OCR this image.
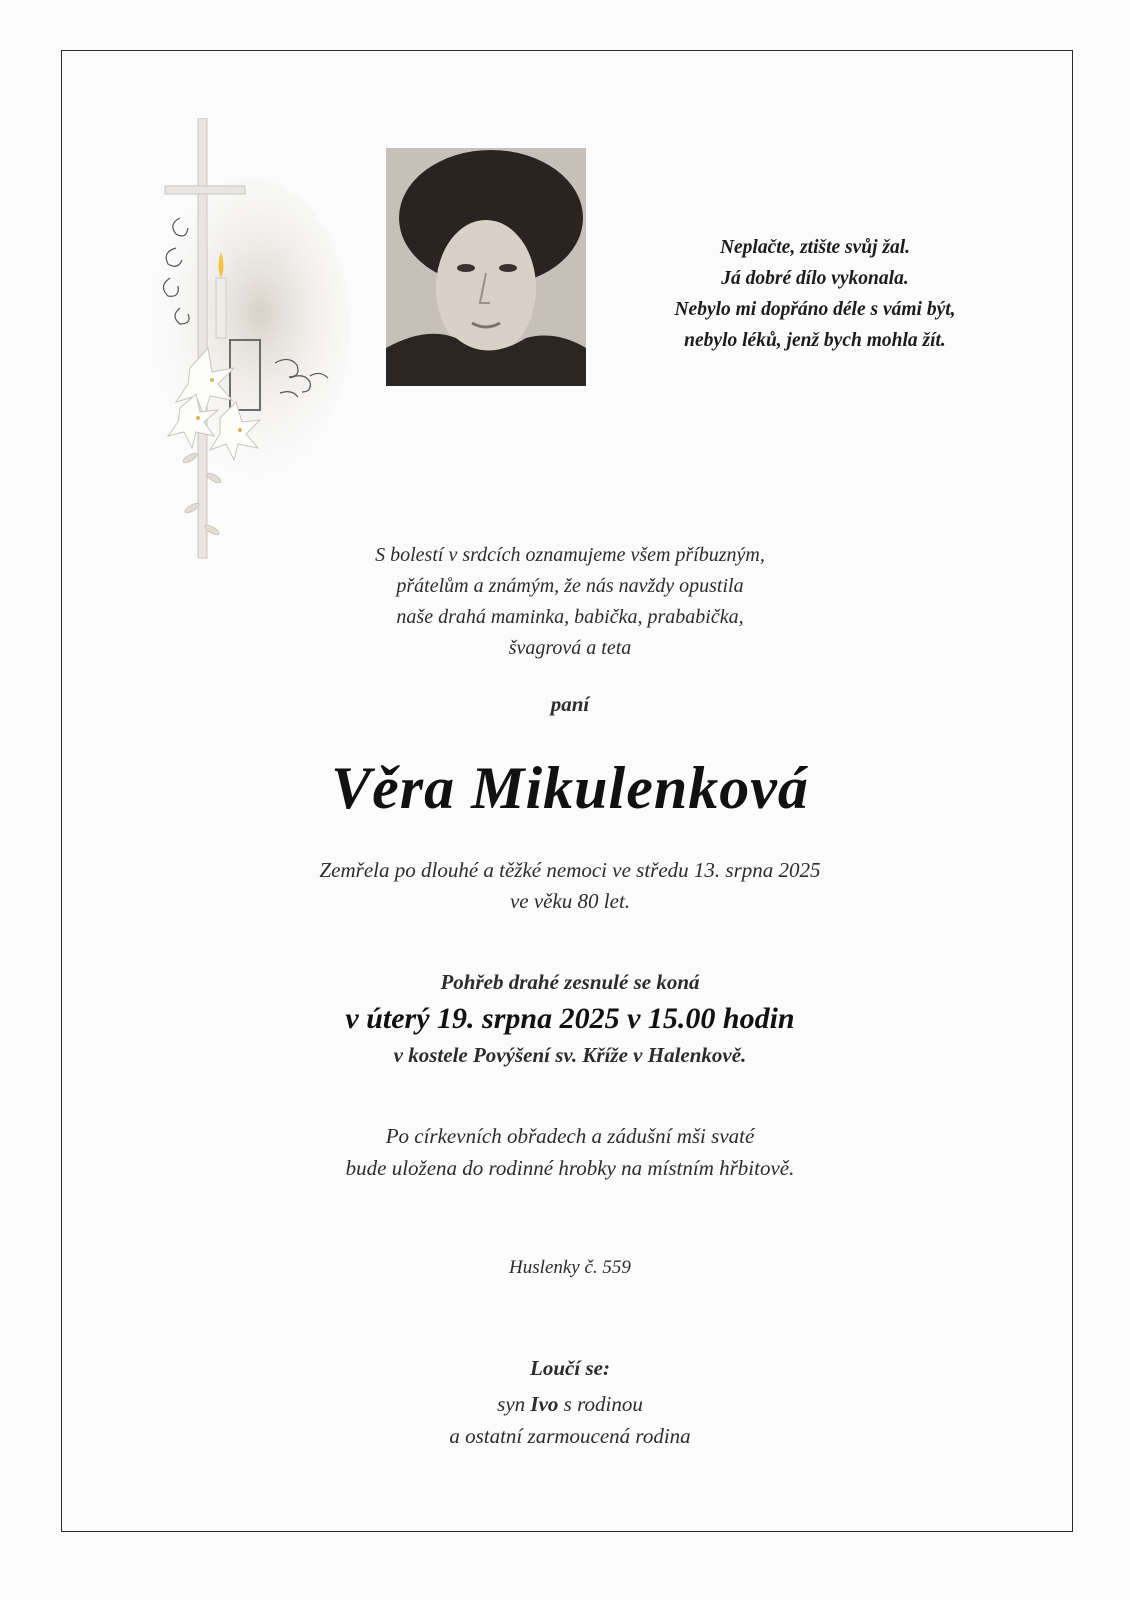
Neplačte, ztište svůj žal.
Já dobré dílo vykonala.
Nebylo mi dopřáno déle s vámi být,
nebylo léků, jenž bych mohla žít.
S bolestí v srdcích oznamujeme všem příbuzným,
přátelům a známým, že nás navždy opustila
naše drahá maminka, babička, prababička,
švagrová a teta
paní
Věra Mikulenková
Zemřela po dlouhé a těžké nemoci ve středu 13. srpna 2025
ve věku 80 let.
Pohřeb drahé zesnulé se koná
v úterý 19. srpna 2025 v 15.00 hodin
v kostele Povýšení sv. Kříže v Halenkově.
Po církevních obřadech a zádušní mši svaté
bude uložena do rodinné hrobky na místním hřbitově.
Huslenky č. 559
Loučí se:
syn Ivo s rodinou
a ostatní zarmoucená rodina
